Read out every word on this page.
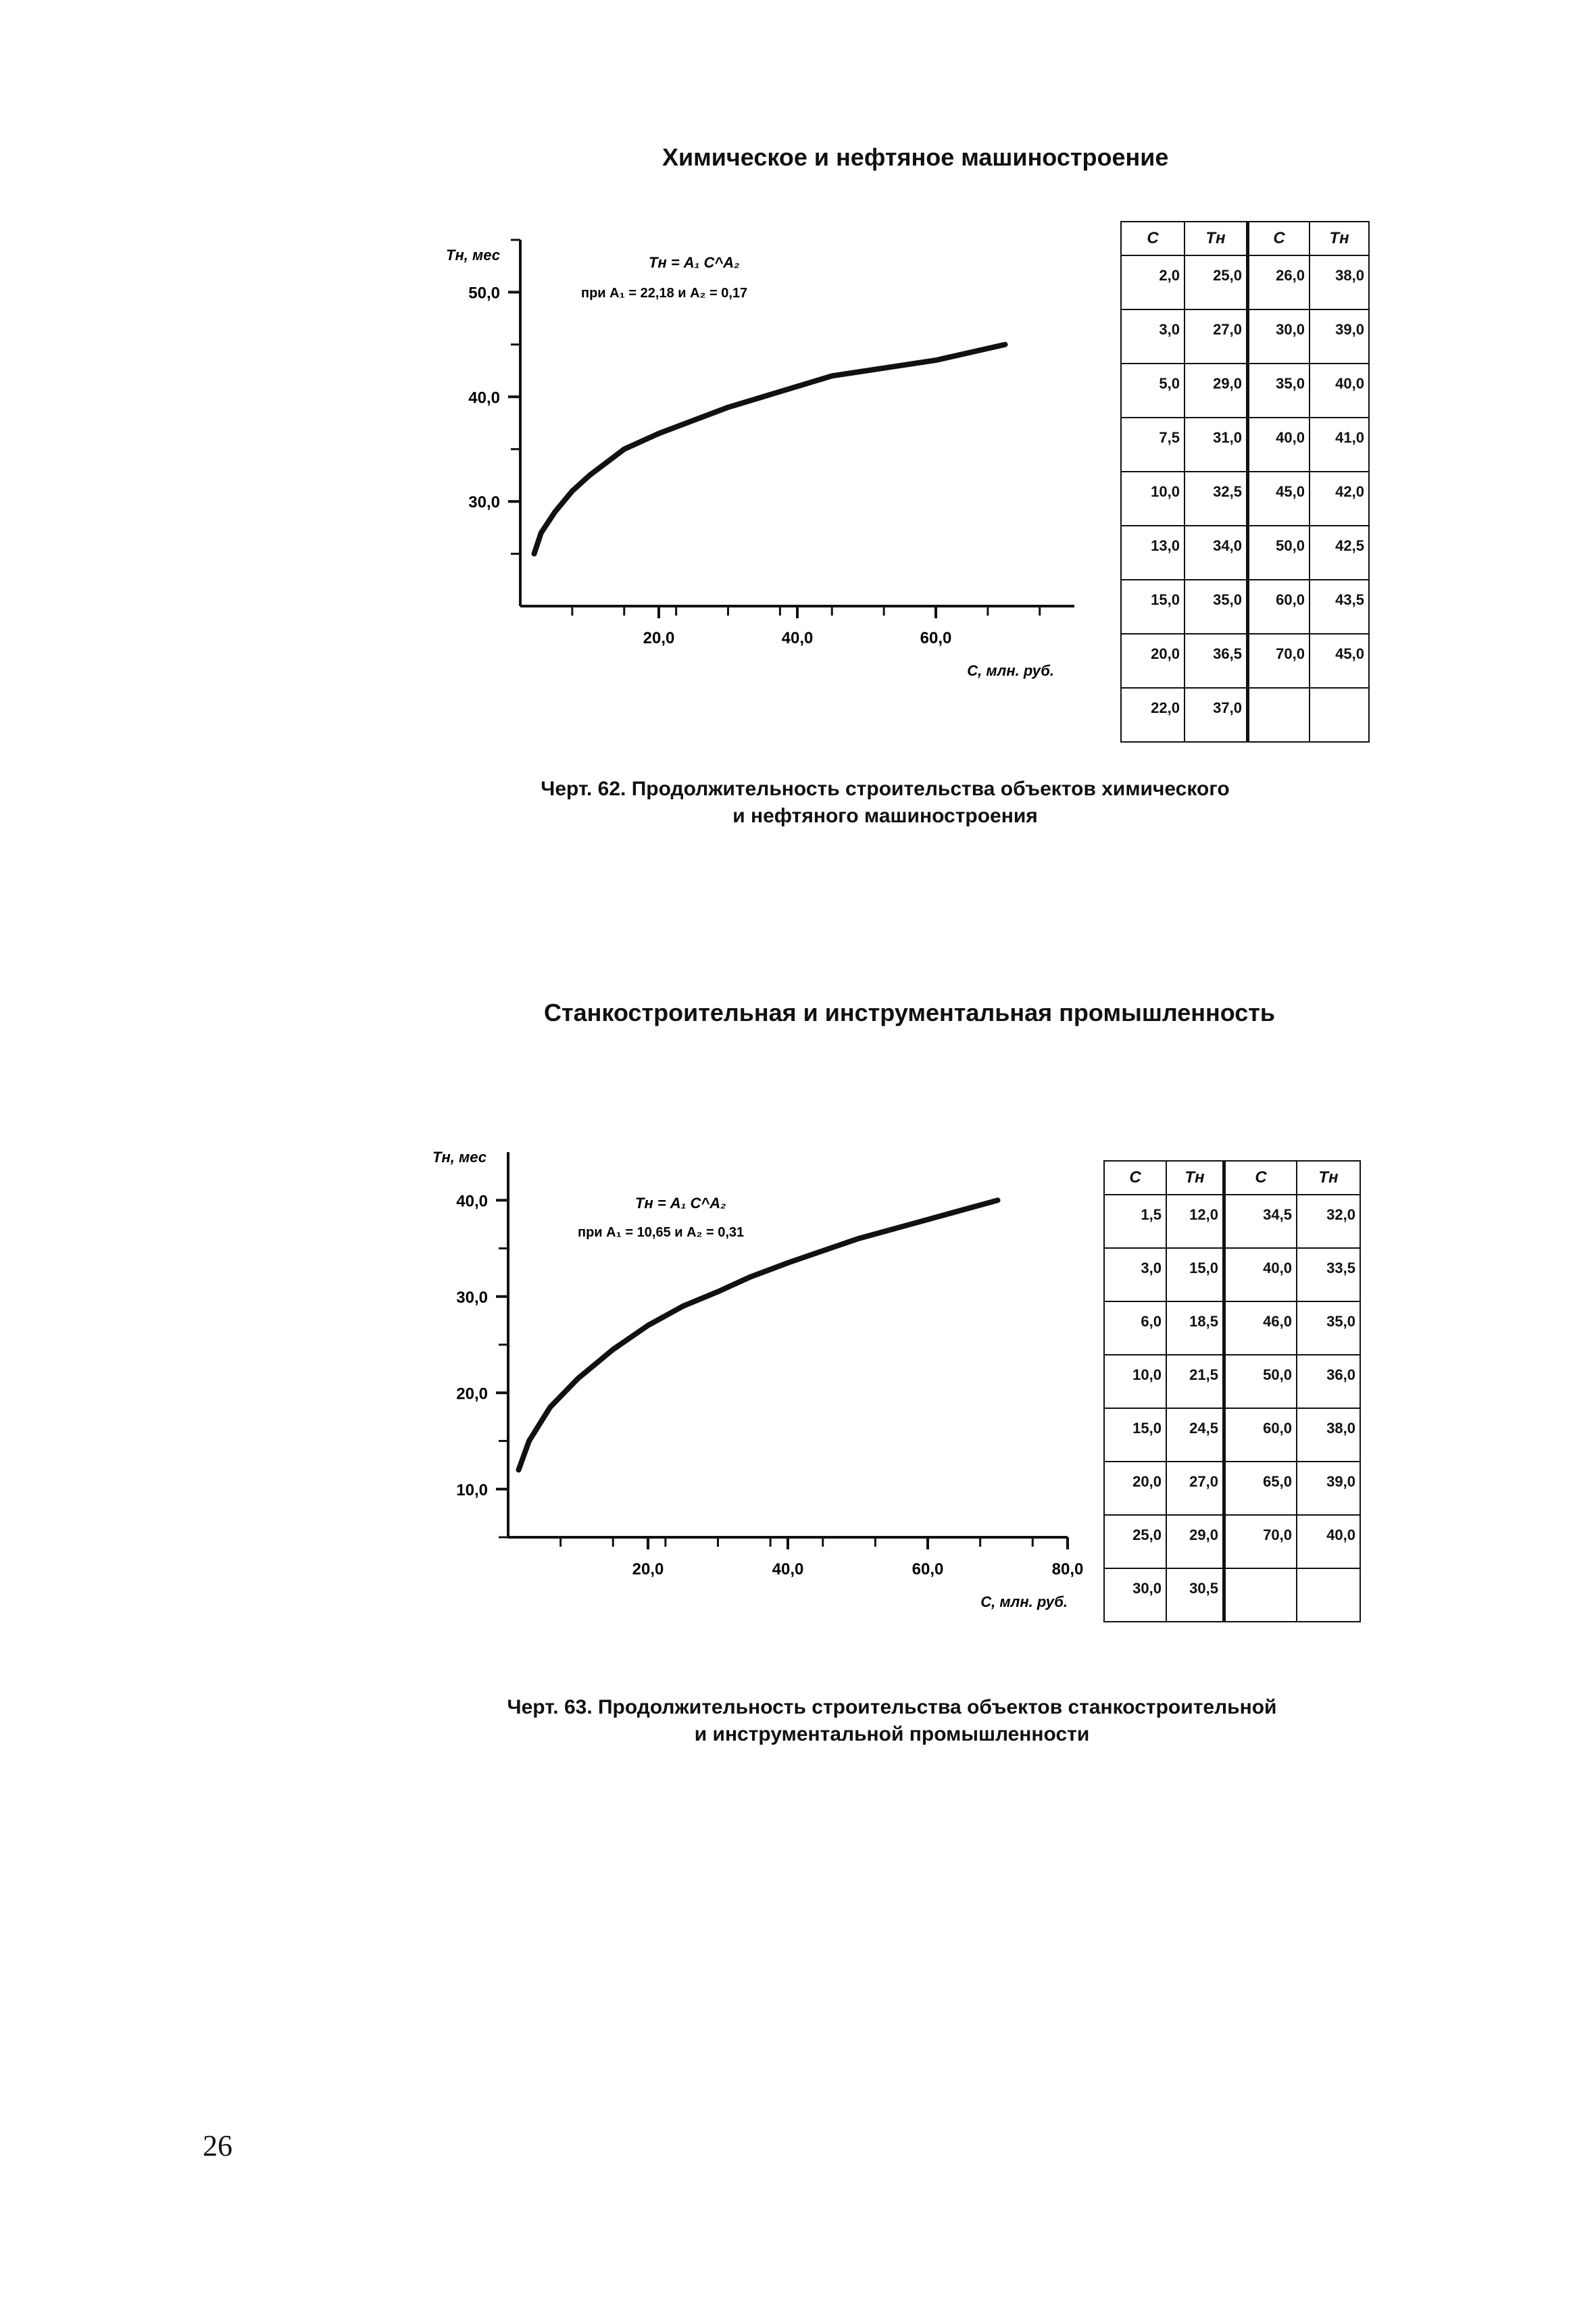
Химическое и нефтяное машиностроение
30,0
40,0
50,0
20,0	40,0	60,0
Tн, мес
C, млн. руб.
Tн = A₁ C^A₂
при A₁ = 22,18 и A₂ = 0,17
C	Tн	C	Tн
2,0	25,0	26,0	38,0
3,0	27,0	30,0	39,0
5,0	29,0	35,0	40,0
7,5	31,0	40,0	41,0
10,0	32,5	45,0	42,0
13,0	34,0	50,0	42,5
15,0	35,0	60,0	43,5
20,0	36,5	70,0	45,0
22,0	37,0		
Черт. 62. Продолжительность строительства объектов химического
и нефтяного машиностроения
Станкостроительная и инструментальная промышленность
10,0
20,0
30,0
40,0
20,0	40,0	60,0	80,0
Tн, мес
C, млн. руб.
Tн = A₁ C^A₂
при A₁ = 10,65 и A₂ = 0,31
C	Tн	C	Tн
1,5	12,0	34,5	32,0
3,0	15,0	40,0	33,5
6,0	18,5	46,0	35,0
10,0	21,5	50,0	36,0
15,0	24,5	60,0	38,0
20,0	27,0	65,0	39,0
25,0	29,0	70,0	40,0
30,0	30,5		
Черт. 63. Продолжительность строительства объектов станкостроительной
и инструментальной промышленности
26
